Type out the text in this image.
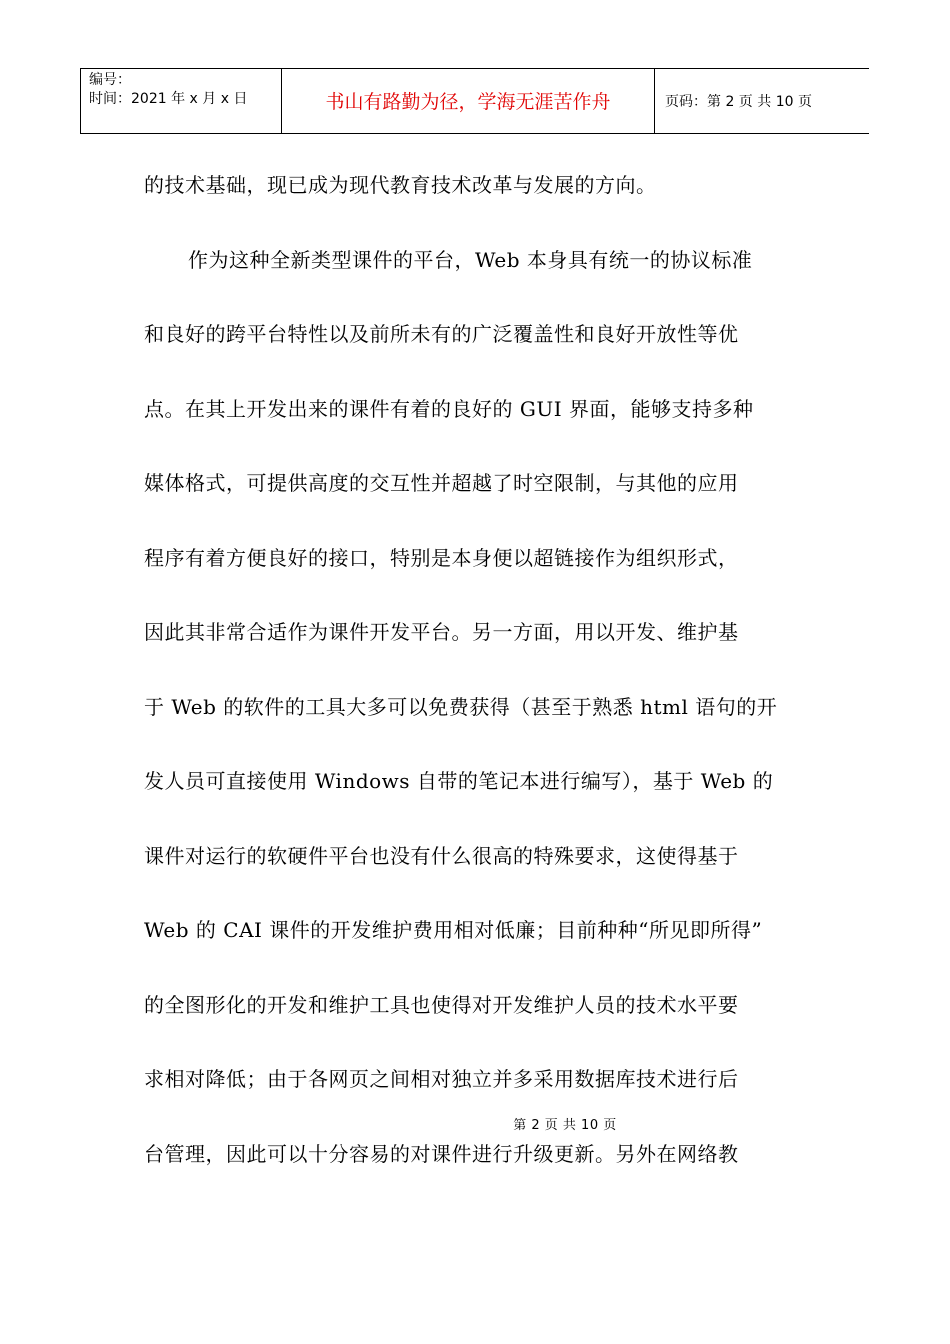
编号：
时间：2021 年 x 月 x 日	书山有路勤为径，学海无涯苦作舟	页码：第 2 页 共 10 页
的技术基础，现已成为现代教育技术改革与发展的方向。
作为这种全新类型课件的平台，Web 本身具有统一的协议标准
和良好的跨平台特性以及前所未有的广泛覆盖性和良好开放性等优
点。在其上开发出来的课件有着的良好的 GUI 界面，能够支持多种
媒体格式，可提供高度的交互性并超越了时空限制，与其他的应用
程序有着方便良好的接口，特别是本身便以超链接作为组织形式，
因此其非常合适作为课件开发平台。另一方面，用以开发、维护基
于 Web 的软件的工具大多可以免费获得（甚至于熟悉 html 语句的开
发人员可直接使用 Windows 自带的笔记本进行编写），基于 Web 的
课件对运行的软硬件平台也没有什么很高的特殊要求，这使得基于
Web 的 CAI 课件的开发维护费用相对低廉；目前种种“所见即所得”
的全图形化的开发和维护工具也使得对开发维护人员的技术水平要
求相对降低；由于各网页之间相对独立并多采用数据库技术进行后
台管理，因此可以十分容易的对课件进行升级更新。另外在网络教
第 2 页 共 10 页
